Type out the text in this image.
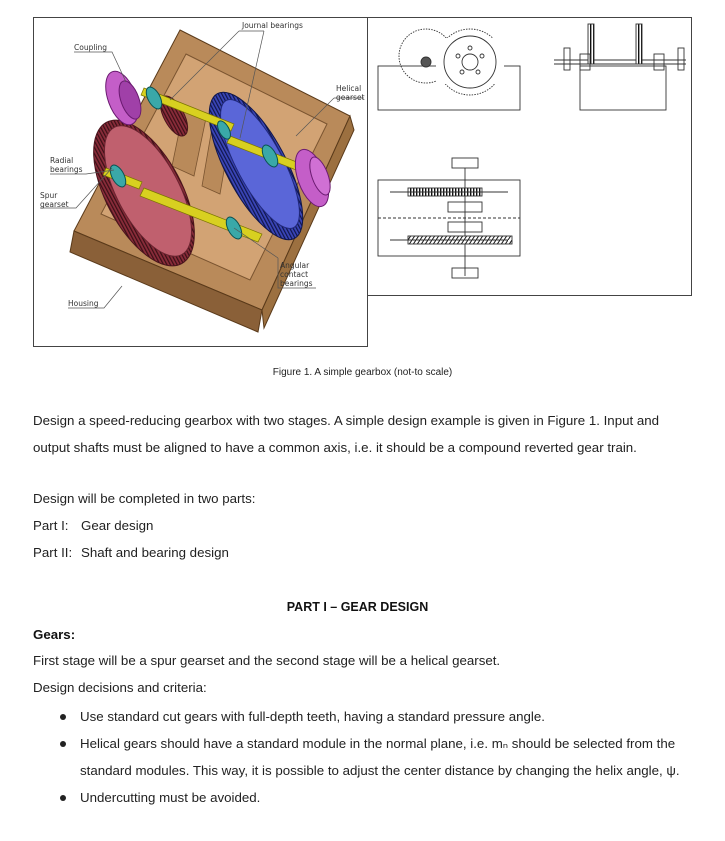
Journal bearings
Coupling
Helical
gearset
Radial
bearings
Spur
gearset
Angular
contact
bearings
Housing
Figure 1. A simple gearbox (not-to scale)
Design a speed-reducing gearbox with two stages. A simple design example is given in Figure 1. Input and output shafts must be aligned to have a common axis, i.e. it should be a compound reverted gear train.
Design will be completed in two parts:
Part I: Gear design
Part II: Shaft and bearing design
PART I – GEAR DESIGN
Gears:
First stage will be a spur gearset and the second stage will be a helical gearset.
Design decisions and criteria:
Use standard cut gears with full-depth teeth, having a standard pressure angle.
Helical gears should have a standard module in the normal plane, i.e. mₙ should be selected from the standard modules. This way, it is possible to adjust the center distance by changing the helix angle, ψ.
Undercutting must be avoided.
